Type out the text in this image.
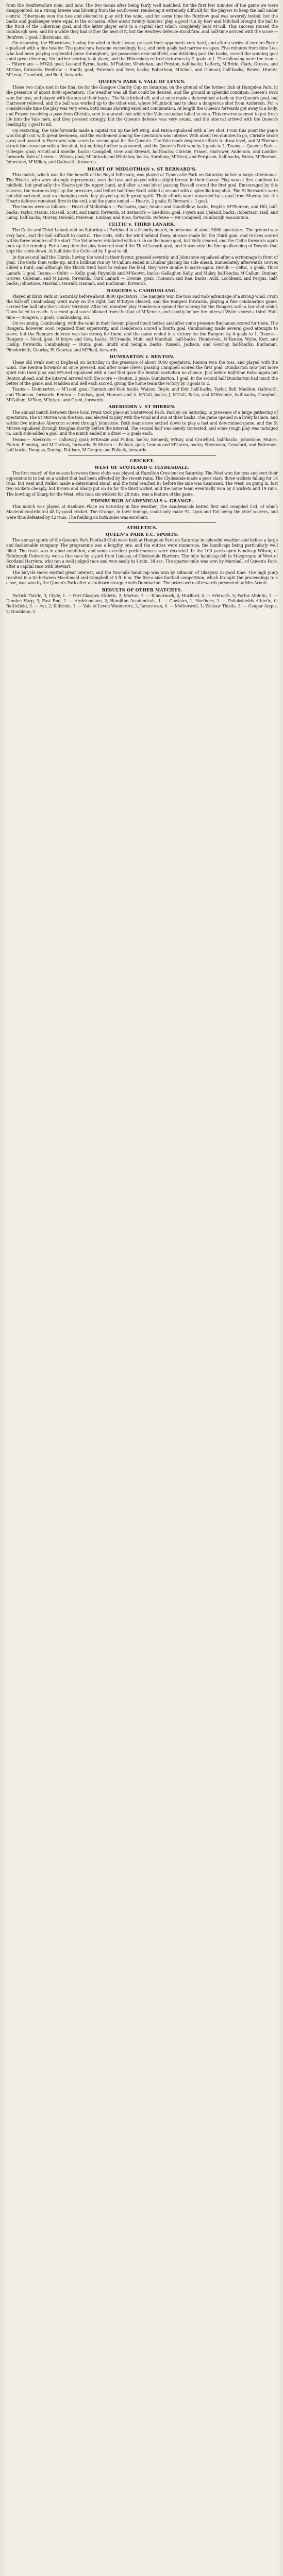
from the Renfrewshire men; and how. The two teams after being fairly well matched, for the first few minutes of the game we were disappointed, as a strong breeze was blowing from the south-west, rendering it extremely difficult for the players to keep the ball under control. Hibernians won the toss and elected to play with the wind, and for some time the Renfrew goal was severely tested, but the backs and goalkeeper were equal to the occasion. After about twenty minutes' play a good run by Kerr and Mitchell brought the ball to the front of the Hibernian goal, and the latter player sent in a capital shot which completely beat M'Gill. This success roused the Edinburgh men, and for a while they had rather the best of it, but the Renfrew defence stood firm, and half-time arrived with the score — Renfrew, 1 goal; Hibernians, nil.

On resuming, the Hibernians, having the wind in their favour, pressed their opponents very hard, and after a series of corners Byrne equalised with a fine header. The game now became exceedingly fast, and both goals had narrow escapes. Five minutes from time Lee, who had been playing a splendid game throughout, got possession near midfield, and dribbling past the backs, scored the winning goal amid great cheering. No further scoring took place, and the Hibernians retired victorious by 2 goals to 1. The following were the teams:— Hibernians — M'Gill, goal; Lee and Byrne, backs; M'Fadden, Whelehan, and Preston, half-backs; Lafferty, M'Bride, Clark, Groves, and M'Ginn, forwards. Renfrew — Smith, goal; Paterson and Kerr, backs; Robertson, Mitchell, and Gilmour, half-backs; Brown, Hunter, M'Lean, Crawford, and Reid, forwards.

QUEEN'S PARK v. VALE OF LEVEN.

These two clubs met in the final tie for the Glasgow Charity Cup on Saturday, on the ground of the former club at Hampden Park, in the presence of about 8000 spectators. The weather was all that could be desired, and the ground in splendid condition. Queen's Park won the toss, and played with the sun at their backs. The Vale kicked off, and at once made a determined attack on the Queen's goal, but Harrower relieved, and the ball was worked up to the other end, where M'Lintock had to clear a dangerous shot from Anderson. For a considerable time the play was very even, both teams showing excellent combination. At length the Queen's forwards got away in a body, and Fraser, receiving a pass from Christie, sent in a grand shot which the Vale custodian failed to stop. This reverse seemed to put fresh life into the Vale men, and they pressed strongly, but the Queen's defence was very sound, and the interval arrived with the Queen's leading by 1 goal to nil.

On restarting, the Vale forwards made a capital run up the left wing, and Paton equalised with a low shot. From this point the game was fought out with great keenness, and the excitement among the spectators was intense. With about ten minutes to go, Christie broke away and passed to Harrower, who scored a second goal for the Queen's. The Vale made desperate efforts to draw level, and M'Pherson struck the cross-bar with a fine shot, but nothing further was scored, and the Queen's Park won by 2 goals to 1. Teams:— Queen's Park — Gillespie, goal; Arnott and Smellie, backs; Campbell, Gow, and Stewart, half-backs; Christie, Fraser, Harrower, Anderson, and Lambie, forwards. Vale of Leven — Wilson, goal; M'Lintock and Whitelaw, backs; Abraham, M'Nicol, and Ferguson, half-backs; Paton, M'Pherson, Johnstone, M'Millan, and Galbraith, forwards.

HEART OF MIDLOTHIAN v. ST BERNARD'S.

This match, which was for the benefit of the Royal Infirmary, was played at Tynecastle Park on Saturday before a large attendance. The Hearts, who were strongly represented, won the toss and played with a slight breeze in their favour. Play was at first confined to midfield, but gradually the Hearts got the upper hand, and after a neat bit of passing Russell scored the first goal. Encouraged by this success, the maroons kept up the pressure, and before half-time Scott added a second with a splendid long shot. The St Bernard's were not disheartened, and on changing ends they played up with great spirit. Their efforts were rewarded by a goal from Murray, but the Hearts defence remained firm to the end, and the game ended — Hearts, 2 goals; St Bernard's, 1 goal.

The teams were as follows:— Heart of Midlothian — Fairbairn, goal; Adams and Goodfellow, backs; Begbie, M'Pherson, and Hill, half-backs; Taylor, Mason, Russell, Scott, and Baird, forwards. St Bernard's — Sneddon, goal; Foyers and Cleland, backs; Robertson, Hall, and Laing, half-backs; Murray, Oswald, Paterson, Lindsay, and Ross, forwards. Referee — Mr Campbell, Edinburgh Association.

CELTIC v. THIRD LANARK.

The Celtic and Third Lanark met on Saturday at Parkhead in a friendly match, in presence of about 5000 spectators. The ground was very hard, and the ball difficult to control. The Celts, with the wind behind them, at once made for the Third goal, and Groves scored within three minutes of the start. The Volunteers retaliated with a rush on the home goal, but Kelly cleared, and the Celtic forwards again took up the running. For a long time the play hovered round the Third Lanark goal, and it was only the fine goalkeeping of Downie that kept the score down. At half-time the Celts led by 1 goal to nil.

In the second half the Thirds, having the wind in their favour, pressed severely, and Johnstone equalised after a scrimmage in front of goal. The Celts then woke up, and a brilliant run by M'Callum ended in Dunbar placing his side ahead. Immediately afterwards Groves added a third, and although the Thirds tried hard to reduce the lead, they were unable to score again. Result — Celtic, 3 goals; Third Lanark, 1 goal. Teams:— Celtic — Kelly, goal; Reynolds and M'Keown, backs; Gallagher, Kelly, and Maley, half-backs; M'Callum, Dunbar, Groves, Coleman, and M'Laren, forwards. Third Lanark — Downie, goal; Thomson and Rae, backs; Auld, Lochhead, and Fergus, half-backs; Johnstone, Marshall, Oswald, Hannah, and Buchanan, forwards.

RANGERS v. CAMBUSLANG.

Played at Ibrox Park on Saturday before about 3000 spectators. The Rangers won the toss and took advantage of a strong wind. From the kick-off Cambuslang went away on the right, but M'Intyre cleared, and the Rangers forwards, playing a fine combination game, carried the ball into the visitors' territory. After ten minutes' play Henderson opened the scoring for the Rangers with a low shot which Dunn failed to reach. A second goal soon followed from the foot of M'Kenzie, and shortly before the interval Wylie scored a third. Half-time — Rangers, 3 goals; Cambuslang, nil.

On resuming, Cambuslang, with the wind in their favour, played much better, and after some pressure Buchanan scored for them. The Rangers, however, soon regained their superiority, and Henderson scored a fourth goal. Cambuslang made several good attempts to score, but the Rangers defence was too strong for them, and the game ended in a victory for the Rangers by 4 goals to 1. Teams:— Rangers — Nicol, goal; M'Intyre and Gow, backs; M'Creadie, Muir, and Marshall, half-backs; Henderson, M'Kenzie, Wylie, Kerr, and Hislop, forwards. Cambuslang — Dunn, goal; Smith and Semple, backs; Russell, Jackson, and Gourlay, half-backs; Buchanan, Plenderleith, Gourlay, H. Gourlay, and M'Phail, forwards.

DUMBARTON v. RENTON.

These old rivals met at Boghead on Saturday in the presence of about 4000 spectators. Renton won the toss, and played with the wind. The Renton forwards at once pressed, and after some clever passing Campbell scored the first goal. Dumbarton now put more spirit into their play, and M'Leod equalised with a shot that gave the Renton custodian no chance. Just before half-time Kelso again put Renton ahead, and the interval arrived with the score — Renton, 2 goals; Dumbarton, 1 goal. In the second half Dumbarton had much the better of the game, and Madden and Bell each scored, giving the home team the victory by 3 goals to 2.

Teams:— Dumbarton — M'Leod, goal; Hannah and Keir, backs; Watson, Boyle, and Keir, half-backs; Taylor, Bell, Madden, Galbraith, and Thomson, forwards. Renton — Lindsay, goal; Hannah and A. M'Call, backs; J. M'Call, Kelso, and M'Kechnie, half-backs; Campbell, M'Callum, M'Nee, M'Intyre, and Grant, forwards.

ABERCORN v. ST MIRREN.

The annual match between these local rivals took place at Underwood Park, Paisley, on Saturday, in presence of a large gathering of spectators. The St Mirren won the toss, and elected to play with the wind and sun at their backs. The game opened in a lively fashion, and within five minutes Abercorn scored through Johnstone. Both teams now settled down to play a fast and determined game, and the St Mirren equalised through Douglas shortly before the interval. The second half was keenly contested, and some rough play was indulged in. Each side added a goal, and the match ended in a draw — 2 goals each.

Teams:— Abercorn — Galloway, goal; M'Kenzie and Fulton, backs; Kennedy, M'Kay, and Crawford, half-backs; Johnstone, Munro, Fulton, Fleming, and M'Cartney, forwards. St Mirren — Pollock, goal; Lennox and M'Laren, backs; Stevenson, Crawford, and Patterson, half-backs; Douglas, Dunlop, Pattison, M'Gregor, and Pollock, forwards.

CRICKET.
WEST OF SCOTLAND v. CLYDESDALE.

The first match of the season between these clubs was played at Hamilton Crescent on Saturday. The West won the toss and sent their opponents in to bat on a wicket that had been affected by the recent rains. The Clydesdale made a poor start, three wickets falling for 14 runs, but Reid and Walker made a determined stand, and the total reached 87 before the side was dismissed. The West, on going in, lost two wickets cheaply, but Brown and Sharp put on 46 for the third wicket, and the home team eventually won by 4 wickets and 19 runs. The bowling of Sharp for the West, who took six wickets for 28 runs, was a feature of the game.

EDINBURGH ACADEMICALS v. GRANGE.

This match was played at Raeburn Place on Saturday in fine weather. The Academicals batted first and compiled 134, of which Macleod contributed 48 by good cricket. The Grange, in their innings, could only make 92, Lyon and Tait being the chief scorers, and were thus defeated by 42 runs. The fielding on both sides was excellent.

ATHLETICS.
QUEEN'S PARK F.C. SPORTS.

The annual sports of the Queen's Park Football Club were held at Hampden Park on Saturday in splendid weather and before a large and fashionable company. The programme was a lengthy one, and the entries were numerous, the handicaps being particularly well filled. The track was in good condition, and some excellent performances were recorded. In the 100 yards open handicap Wilson, of Edinburgh University, won a fine race by a yard from Lindsay, of Clydesdale Harriers. The mile handicap fell to Macgregor, of West of Scotland Harriers, who ran a well-judged race and won easily in 4 min. 38 sec. The quarter-mile was won by Marshall, of Queen's Park, after a capital race with Stewart.

The bicycle races excited great interest, and the two-mile handicap was won by Gilmour, of Glasgow, in good time. The high jump resulted in a tie between Macdonald and Campbell at 5 ft. 6 in. The five-a-side football competition, which brought the proceedings to a close, was won by the Queen's Park after a stubborn struggle with Dumbarton. The prizes were afterwards presented by Mrs Arnott.

RESULTS OF OTHER MATCHES.

Partick Thistle, 3; Clyde, 1. — Port-Glasgow Athletic, 2; Morton, 2. — Kilmarnock, 4; Hurlford, 0. — Arbroath, 5; Forfar Athletic, 1. — Dundee Harp, 3; East End, 2. — Airdrieonians, 2; Hamilton Academicals, 1. — Cowlairs, 1; Northern, 1. — Pollokshields Athletic, 0; Battlefield, 3. — Ayr, 2; Kilbirnie, 1. — Vale of Leven Wanderers, 2; Jamestown, 0. — Motherwell, 1; Wishaw Thistle, 3. — Coupar Angus, 2; Dunblane, 2.
